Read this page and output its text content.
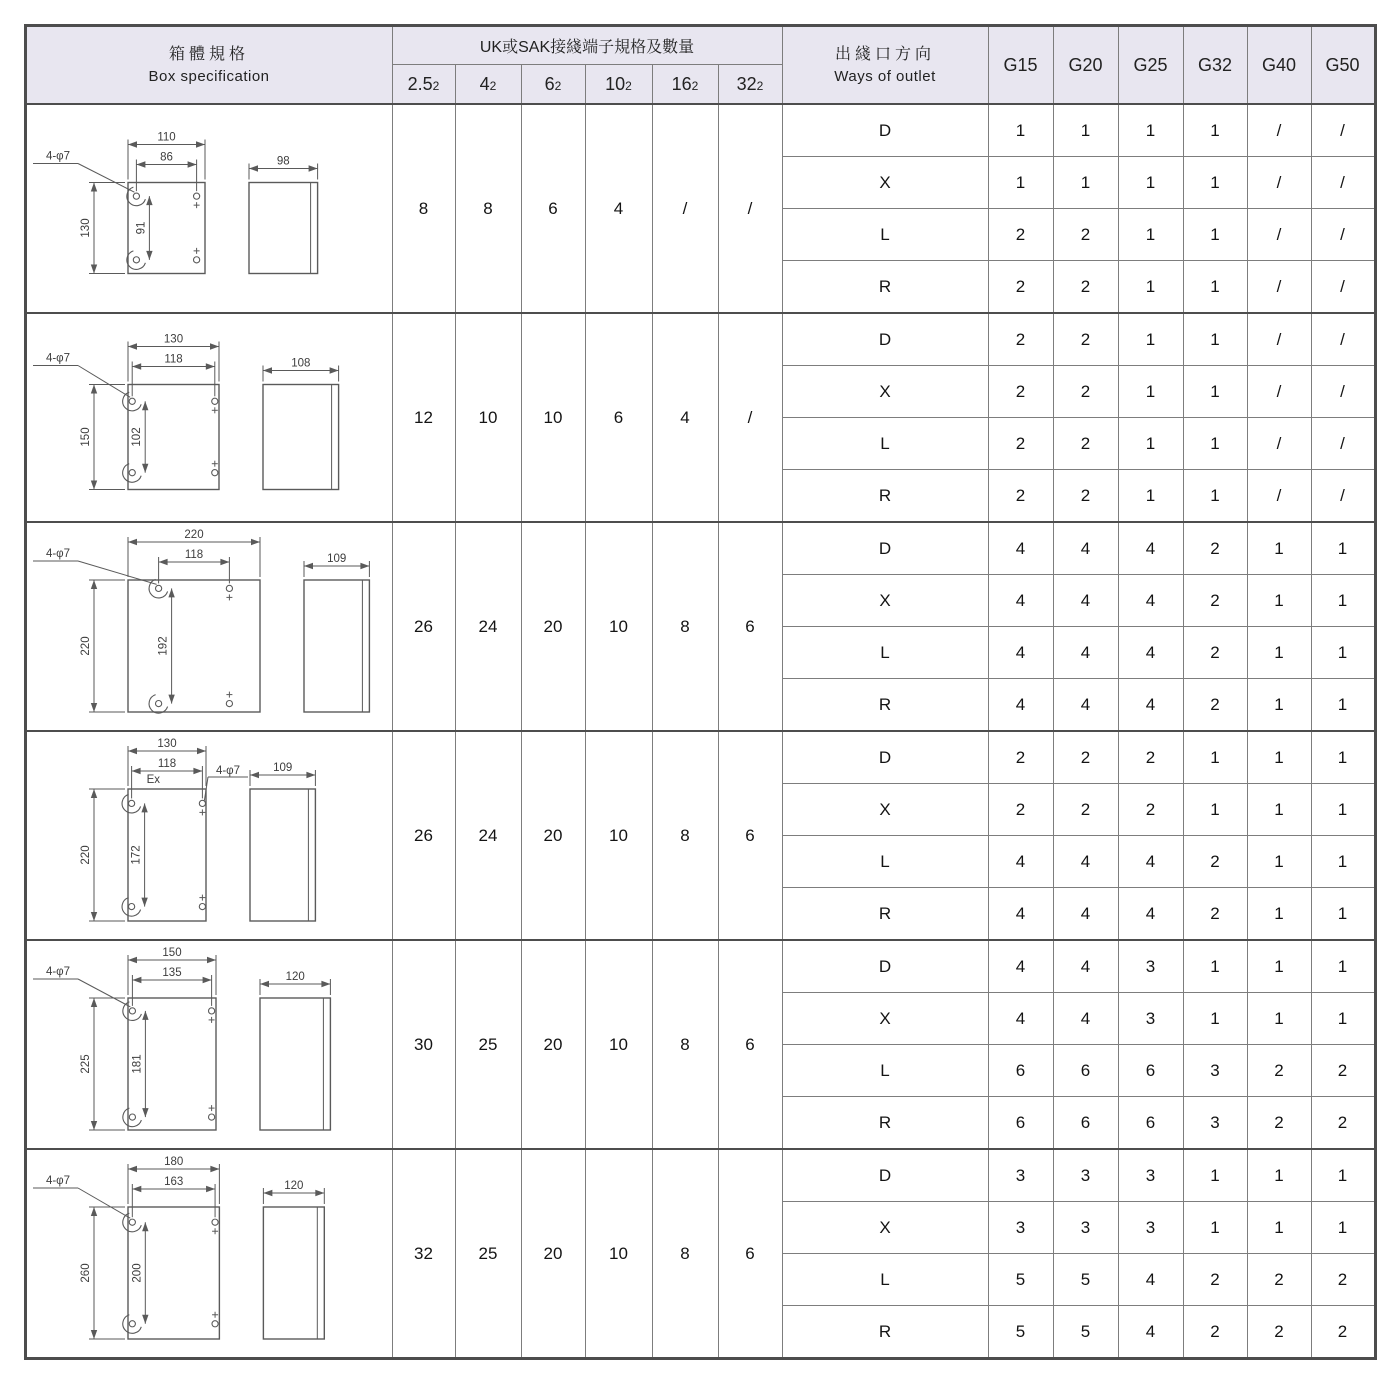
箱體規格
Box specification
	UK或SAK接綫端子規格及數量	出綫口方向
Ways of outlet
	G15	G20	G25	G32	G40	G50
	2.52	42	62	102	162	322							

110
86
130	91
4-φ7	98
	8	8	6	4	/	/	D	1	1	1	1	/	/
							X	1	1	1	1	/	/
							L	2	2	1	1	/	/
							R	2	2	1	1	/	/

130
118
150	102
4-φ7	108
	12	10	10	6	4	/	D	2	2	1	1	/	/
							X	2	2	1	1	/	/
							L	2	2	1	1	/	/
							R	2	2	1	1	/	/

220
118
220	192
4-φ7	109
	26	24	20	10	8	6	D	4	4	4	2	1	1
							X	4	4	4	2	1	1
							L	4	4	4	2	1	1
							R	4	4	4	2	1	1

130
118
220	172
Ex
4-φ7	109
	26	24	20	10	8	6	D	2	2	2	1	1	1
							X	2	2	2	1	1	1
							L	4	4	4	2	1	1
							R	4	4	4	2	1	1

150
135
225	181
4-φ7	120
	30	25	20	10	8	6	D	4	4	3	1	1	1
							X	4	4	3	1	1	1
							L	6	6	6	3	2	2
							R	6	6	6	3	2	2

180
163
260	200
4-φ7	120
	32	25	20	10	8	6	D	3	3	3	1	1	1
							X	3	3	3	1	1	1
							L	5	5	4	2	2	2
							R	5	5	4	2	2	2
